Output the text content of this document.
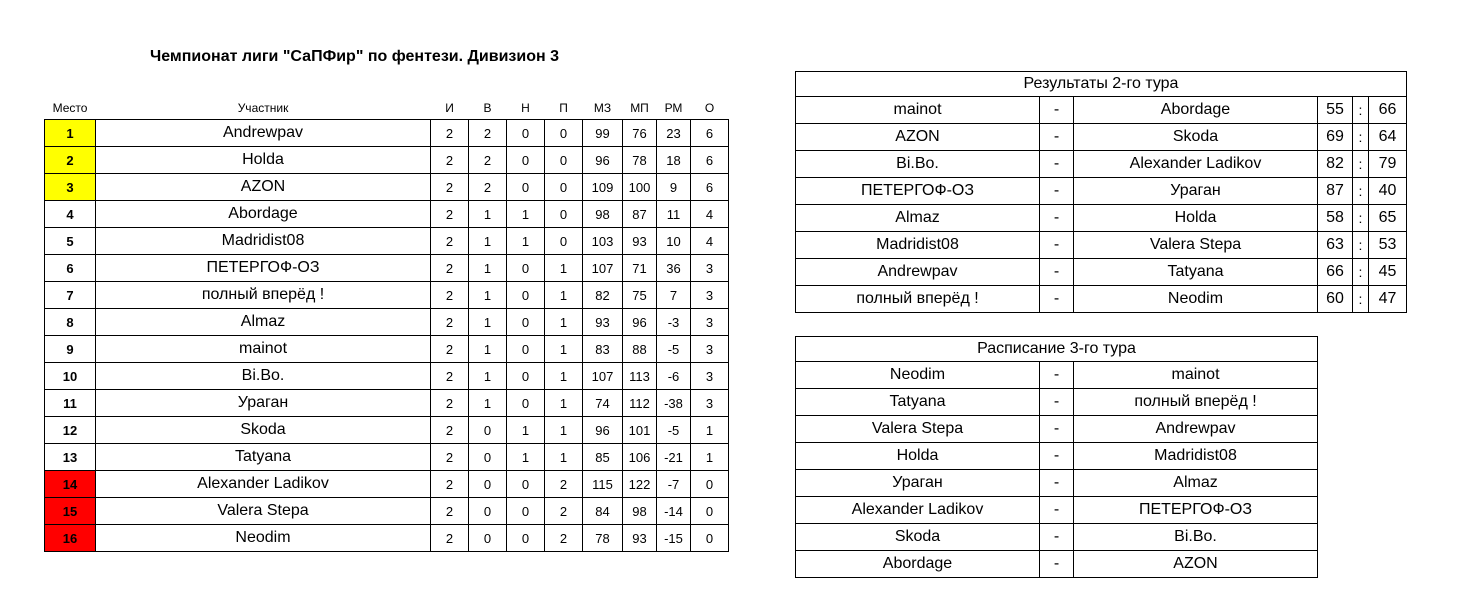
Чемпионат лиги "СаПФир" по фентези. Дивизион 3
Место	Участник	И	В	Н	П	МЗ	МП	РМ	О
1	Andrewpav	2	2	0	0	99	76	23	6
2	Holda	2	2	0	0	96	78	18	6
3	AZON	2	2	0	0	109	100	9	6
4	Abordage	2	1	1	0	98	87	11	4
5	Madridist08	2	1	1	0	103	93	10	4
6	ПЕТЕРГОФ-ОЗ	2	1	0	1	107	71	36	3
7	полный вперёд !	2	1	0	1	82	75	7	3
8	Almaz	2	1	0	1	93	96	-3	3
9	mainot	2	1	0	1	83	88	-5	3
10	Bi.Bo.	2	1	0	1	107	113	-6	3
11	Ураган	2	1	0	1	74	112	-38	3
12	Skoda	2	0	1	1	96	101	-5	1
13	Tatyana	2	0	1	1	85	106	-21	1
14	Alexander Ladikov	2	0	0	2	115	122	-7	0
15	Valera Stepa	2	0	0	2	84	98	-14	0
16	Neodim	2	0	0	2	78	93	-15	0
Результаты 2-го тура					
mainot	-	Abordage	55	:	66
AZON	-	Skoda	69	:	64
Bi.Bo.	-	Alexander Ladikov	82	:	79
ПЕТЕРГОФ-ОЗ	-	Ураган	87	:	40
Almaz	-	Holda	58	:	65
Madridist08	-	Valera Stepa	63	:	53
Andrewpav	-	Tatyana	66	:	45
полный вперёд !	-	Neodim	60	:	47
Расписание 3-го тура		
Neodim	-	mainot
Tatyana	-	полный вперёд !
Valera Stepa	-	Andrewpav
Holda	-	Madridist08
Ураган	-	Almaz
Alexander Ladikov	-	ПЕТЕРГОФ-ОЗ
Skoda	-	Bi.Bo.
Abordage	-	AZON
